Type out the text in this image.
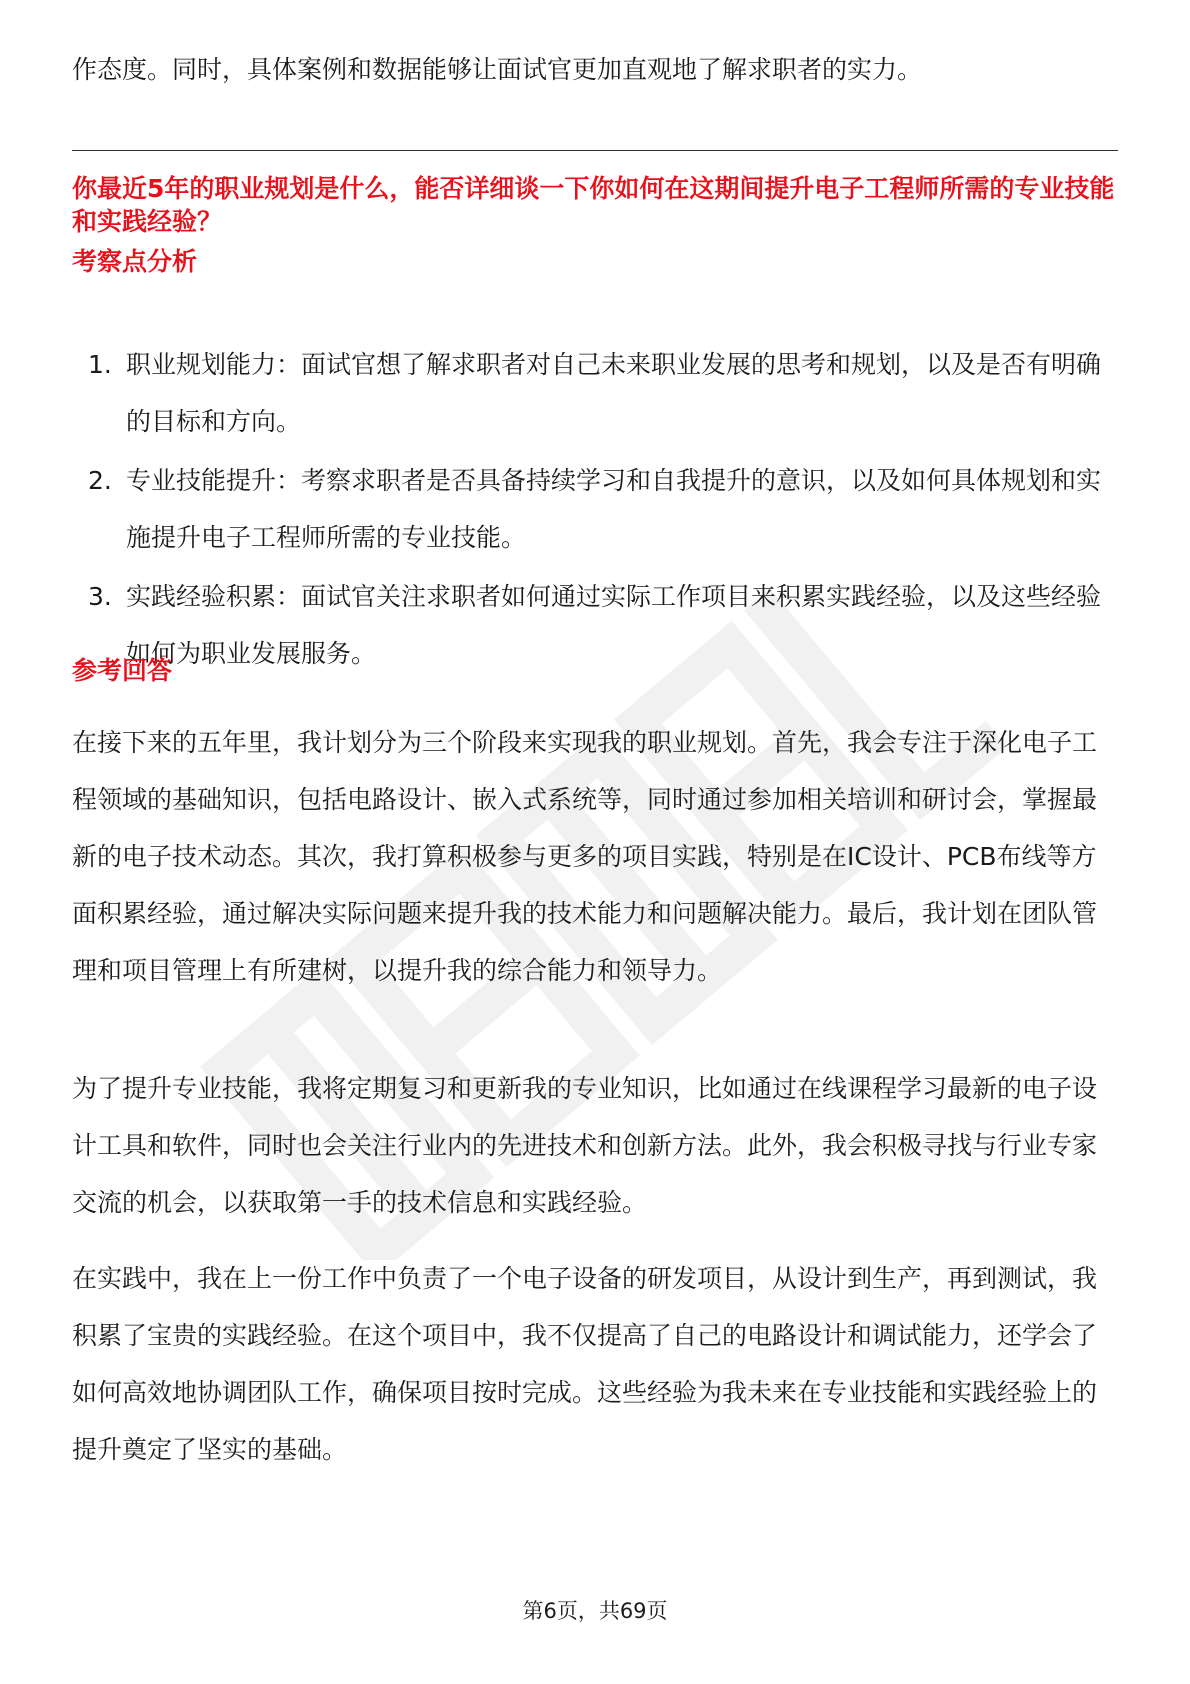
作态度。同时，具体案例和数据能够让面试官更加直观地了解求职者的实力。
你最近5年的职业规划是什么，能否详细谈一下你如何在这期间提升电子工程师所需的专业技能和实践经验？
考察点分析
1. 职业规划能力：面试官想了解求职者对自己未来职业发展的思考和规划，以及是否有明确的目标和方向。
2. 专业技能提升：考察求职者是否具备持续学习和自我提升的意识，以及如何具体规划和实施提升电子工程师所需的专业技能。
3. 实践经验积累：面试官关注求职者如何通过实际工作项目来积累实践经验，以及这些经验如何为职业发展服务。
参考回答

在接下来的五年里，我计划分为三个阶段来实现我的职业规划。首先，我会专注于深化电子工程领域的基础知识，包括电路设计、嵌入式系统等，同时通过参加相关培训和研讨会，掌握最新的电子技术动态。其次，我打算积极参与更多的项目实践，特别是在IC设计、PCB布线等方面积累经验，通过解决实际问题来提升我的技术能力和问题解决能力。最后，我计划在团队管理和项目管理上有所建树，以提升我的综合能力和领导力。

为了提升专业技能，我将定期复习和更新我的专业知识，比如通过在线课程学习最新的电子设计工具和软件，同时也会关注行业内的先进技术和创新方法。此外，我会积极寻找与行业专家交流的机会，以获取第一手的技术信息和实践经验。

在实践中，我在上一份工作中负责了一个电子设备的研发项目，从设计到生产，再到测试，我积累了宝贵的实践经验。在这个项目中，我不仅提高了自己的电路设计和调试能力，还学会了如何高效地协调团队工作，确保项目按时完成。这些经验为我未来在专业技能和实践经验上的提升奠定了坚实的基础。

第6页，共69页
